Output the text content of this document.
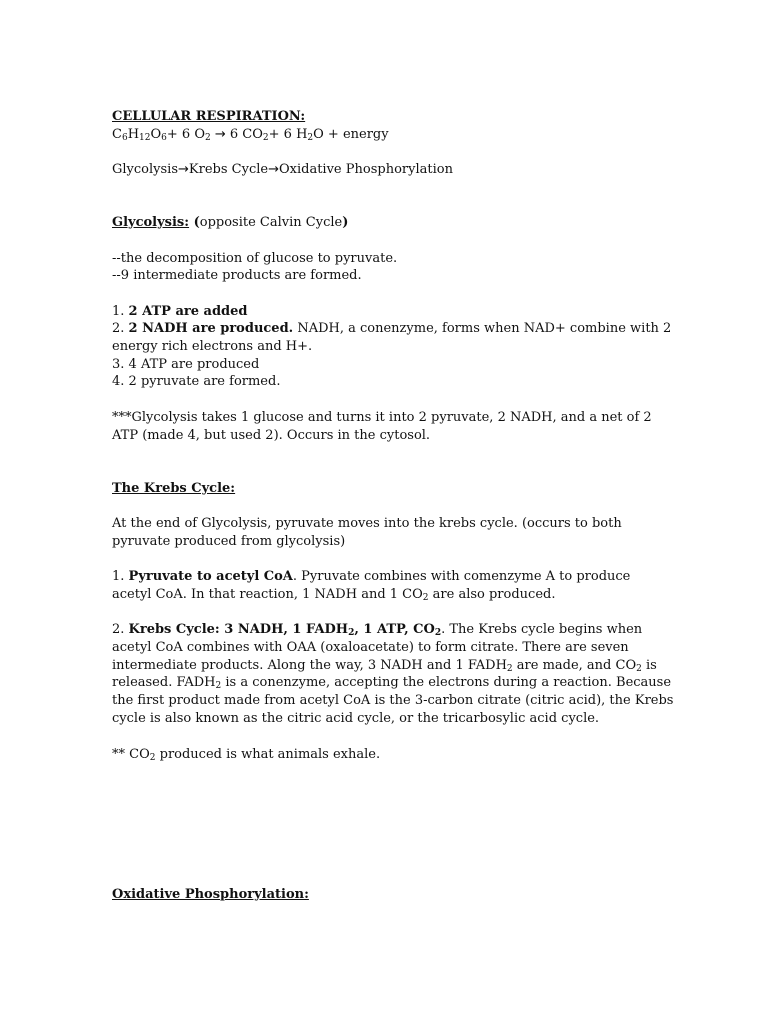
CELLULAR RESPIRATION:
$C_6H_{12}O_6+ 6$ $O_2 \to 6$ $CO_2+ 6$ $H_2O$ + energy
Glycolysis→Krebs Cycle→Oxidative Phosphorylation
Glycolysis: (opposite Calvin Cycle)
--the decomposition of glucose to pyruvate.
--9 intermediate products are formed.
1. 2 ATP are added
2. 2 NADH are produced. NADH, a conenzyme, forms when NAD+ combine with 2
energy rich electrons and H+.
3. 4 ATP are produced
4. 2 pyruvate are formed.
***Glycolysis takes 1 glucose and turns it into 2 pyruvate, 2 NADH, and a net of 2
ATP (made 4, but used 2). Occurs in the cytosol.
The Krebs Cycle:
At the end of Glycolysis, pyruvate moves into the krebs cycle. (occurs to both
pyruvate produced from glycolysis)
1. Pyruvate to acetyl CoA. Pyruvate combines with comenzyme A to produce
acetyl CoA. In that reaction, 1 NADH and 1 $CO_2$ are also produced.
2. Krebs Cycle: 3 NADH, 1 $FADH_2$, 1 ATP, $CO_2$. The Krebs cycle begins when
acetyl CoA combines with OAA (oxaloacetate) to form citrate. There are seven
intermediate products. Along the way, 3 NADH and 1 $FADH_2$ are made, and $CO_2$ is
released. $FADH_2$ is a conenzyme, accepting the electrons during a reaction. Because
the first product made from acetyl CoA is the 3-carbon citrate (citric acid), the Krebs
cycle is also known as the citric acid cycle, or the tricarbosylic acid cycle.
** $CO_2$ produced is what animals exhale.
Oxidative Phosphorylation:
